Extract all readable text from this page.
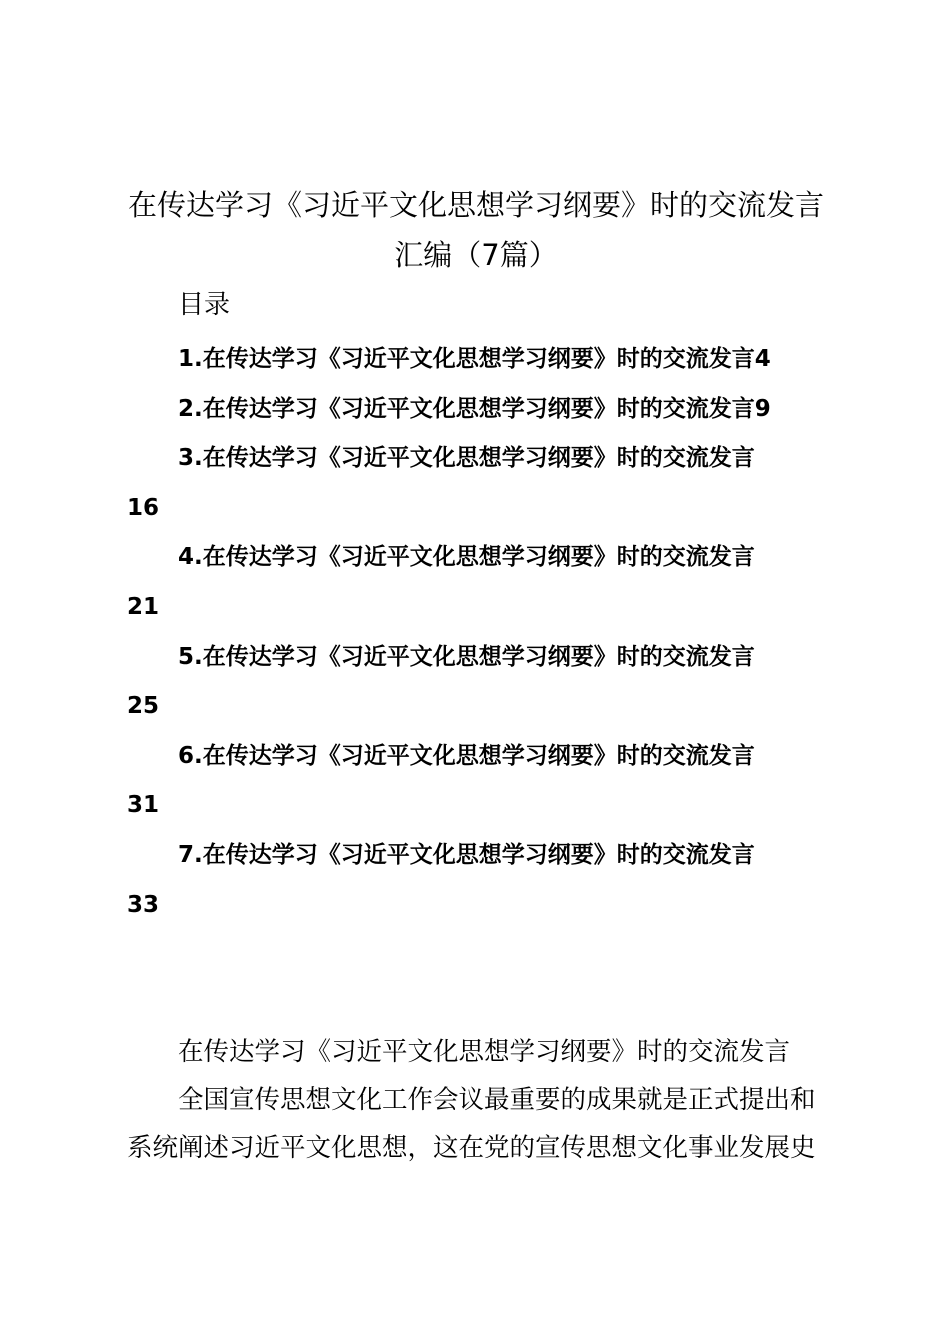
在传达学习《习近平文化思想学习纲要》时的交流发言
汇编（7篇）
目录
1.在传达学习《习近平文化思想学习纲要》时的交流发言4
2.在传达学习《习近平文化思想学习纲要》时的交流发言9
3.在传达学习《习近平文化思想学习纲要》时的交流发言
16
4.在传达学习《习近平文化思想学习纲要》时的交流发言
21
5.在传达学习《习近平文化思想学习纲要》时的交流发言
25
6.在传达学习《习近平文化思想学习纲要》时的交流发言
31
7.在传达学习《习近平文化思想学习纲要》时的交流发言
33
在传达学习《习近平文化思想学习纲要》时的交流发言
全国宣传思想文化工作会议最重要的成果就是正式提出和
系统阐述习近平文化思想，这在党的宣传思想文化事业发展史
